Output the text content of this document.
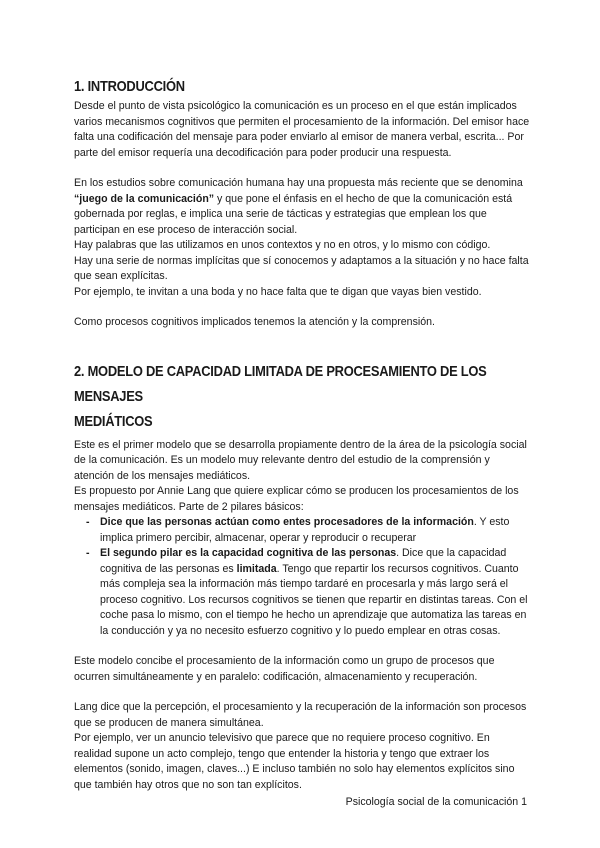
1. INTRODUCCIÓN

Desde el punto de vista psicológico la comunicación es un proceso en el que están implicados varios mecanismos cognitivos que permiten el procesamiento de la información. Del emisor hace falta una codificación del mensaje para poder enviarlo al emisor de manera verbal, escrita... Por parte del emisor requería una decodificación para poder producir una respuesta.

En los estudios sobre comunicación humana hay una propuesta más reciente que se denomina “juego de la comunicación” y que pone el énfasis en el hecho de que la comunicación está gobernada por reglas, e implica una serie de tácticas y estrategias que emplean los que participan en ese proceso de interacción social.

Hay palabras que las utilizamos en unos contextos y no en otros, y lo mismo con código.

Hay una serie de normas implícitas que sí conocemos y adaptamos a la situación y no hace falta que sean explícitas.

Por ejemplo, te invitan a una boda y no hace falta que te digan que vayas bien vestido.

Como procesos cognitivos implicados tenemos la atención y la comprensión.

2. MODELO DE CAPACIDAD LIMITADA DE PROCESAMIENTO DE LOS MENSAJES
MEDIÁTICOS

Este es el primer modelo que se desarrolla propiamente dentro de la área de la psicología social de la comunicación. Es un modelo muy relevante dentro del estudio de la comprensión y atención de los mensajes mediáticos.

Es propuesto por Annie Lang que quiere explicar cómo se producen los procesamientos de los mensajes mediáticos. Parte de 2 pilares básicos:

- Dice que las personas actúan como entes procesadores de la información. Y esto implica primero percibir, almacenar, operar y reproducir o recuperar
- El segundo pilar es la capacidad cognitiva de las personas. Dice que la capacidad cognitiva de las personas es limitada. Tengo que repartir los recursos cognitivos. Cuanto más compleja sea la información más tiempo tardaré en procesarla y más largo será el proceso cognitivo. Los recursos cognitivos se tienen que repartir en distintas tareas. Con el coche pasa lo mismo, con el tiempo he hecho un aprendizaje que automatiza las tareas en la conducción y ya no necesito esfuerzo cognitivo y lo puedo emplear en otras cosas.

Este modelo concibe el procesamiento de la información como un grupo de procesos que ocurren simultáneamente y en paralelo: codificación, almacenamiento y recuperación.

Lang dice que la percepción, el procesamiento y la recuperación de la información son procesos que se producen de manera simultánea.

Por ejemplo, ver un anuncio televisivo que parece que no requiere proceso cognitivo. En realidad supone un acto complejo, tengo que entender la historia y tengo que extraer los elementos (sonido, imagen, claves...) E incluso también no solo hay elementos explícitos sino que también hay otros que no son tan explícitos.

Psicología social de la comunicación 1
